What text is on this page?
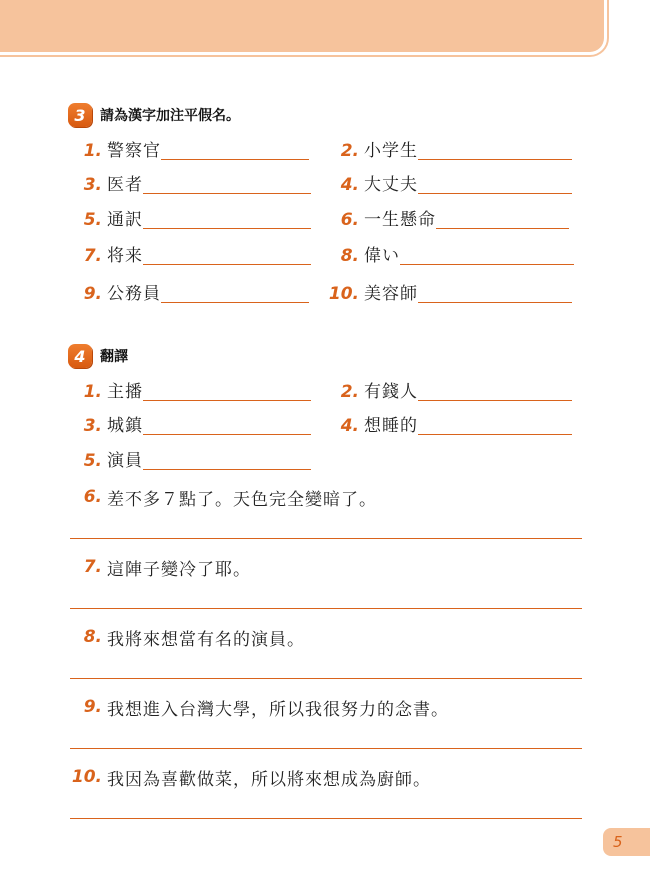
3	請為漢字加注平假名。
1. 警察官	2. 小学生
3. 医者	4. 大丈夫
5. 通訳	6. 一生懸命
7. 将来	8. 偉い
9. 公務員	10. 美容師
4	翻譯
1. 主播	2. 有錢人
3. 城鎮	4. 想睡的
5. 演員
6. 差不多７點了。天色完全變暗了。
7. 這陣子變冷了耶。
8. 我將來想當有名的演員。
9. 我想進入台灣大學，所以我很努力的念書。
10. 我因為喜歡做菜，所以將來想成為廚師。
5
